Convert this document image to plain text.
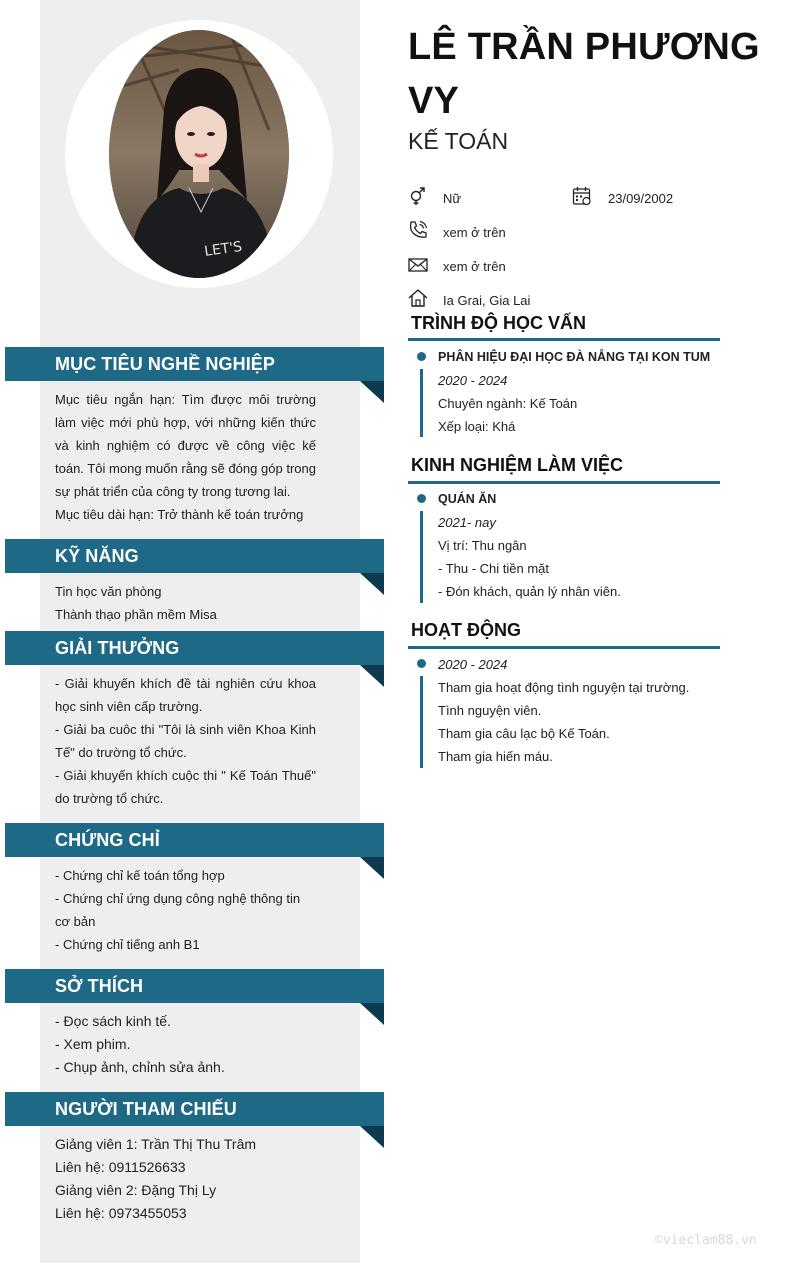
LET'S
LÊ TRẦN PHƯƠNG
VY
KẾ TOÁN
Nữ	23/09/2002
xem ở trên
xem ở trên
Ia Grai, Gia Lai
TRÌNH ĐỘ HỌC VẤN

PHÂN HIỆU ĐẠI HỌC ĐÀ NẴNG TẠI KON TUM

2020 - 2024

Chuyên ngành: Kế Toán

Xếp loại: Khá

KINH NGHIỆM LÀM VIỆC

QUÁN ĂN

2021- nay

Vị trí: Thu ngân

- Thu - Chi tiền mặt

- Đón khách, quản lý nhân viên.

HOẠT ĐỘNG

2020 - 2024

Tham gia hoạt động tình nguyện tại trường.

Tình nguyện viên.

Tham gia câu lạc bộ Kế Toán.

Tham gia hiến máu.

MỤC TIÊU NGHỀ NGHIỆP

Mục tiêu ngắn hạn: Tìm được môi trường làm việc mới phù hợp, với những kiến thức và kinh nghiệm có được về công việc kế toán. Tôi mong muốn rằng sẽ đóng góp trong sự phát triển của công ty trong tương lai.

Mục tiêu dài hạn: Trở thành kế toán trưởng

KỸ NĂNG

Tin học văn phòng

Thành thạo phần mềm Misa

GIẢI THƯỞNG

- Giải khuyến khích đề tài nghiên cứu khoa học sinh viên cấp trường.

- Giải ba cuôc thi "Tôi là sinh viên Khoa Kinh Tế" do trường tổ chức.

- Giải khuyến khích cuộc thi " Kế Toán Thuế" do trường tổ chức.

CHỨNG CHỈ

- Chứng chỉ kế toán tổng hợp

- Chứng chỉ ứng dụng công nghệ thông tin cơ bản

- Chứng chỉ tiếng anh B1

SỞ THÍCH

- Đọc sách kinh tế.

- Xem phim.

- Chụp ảnh, chỉnh sửa ảnh.

NGƯỜI THAM CHIẾU

Giảng viên 1: Trần Thị Thu Trâm

Liên hệ: 0911526633

Giảng viên 2: Đặng Thị Ly

Liên hệ: 0973455053

©vieclam88.vn
